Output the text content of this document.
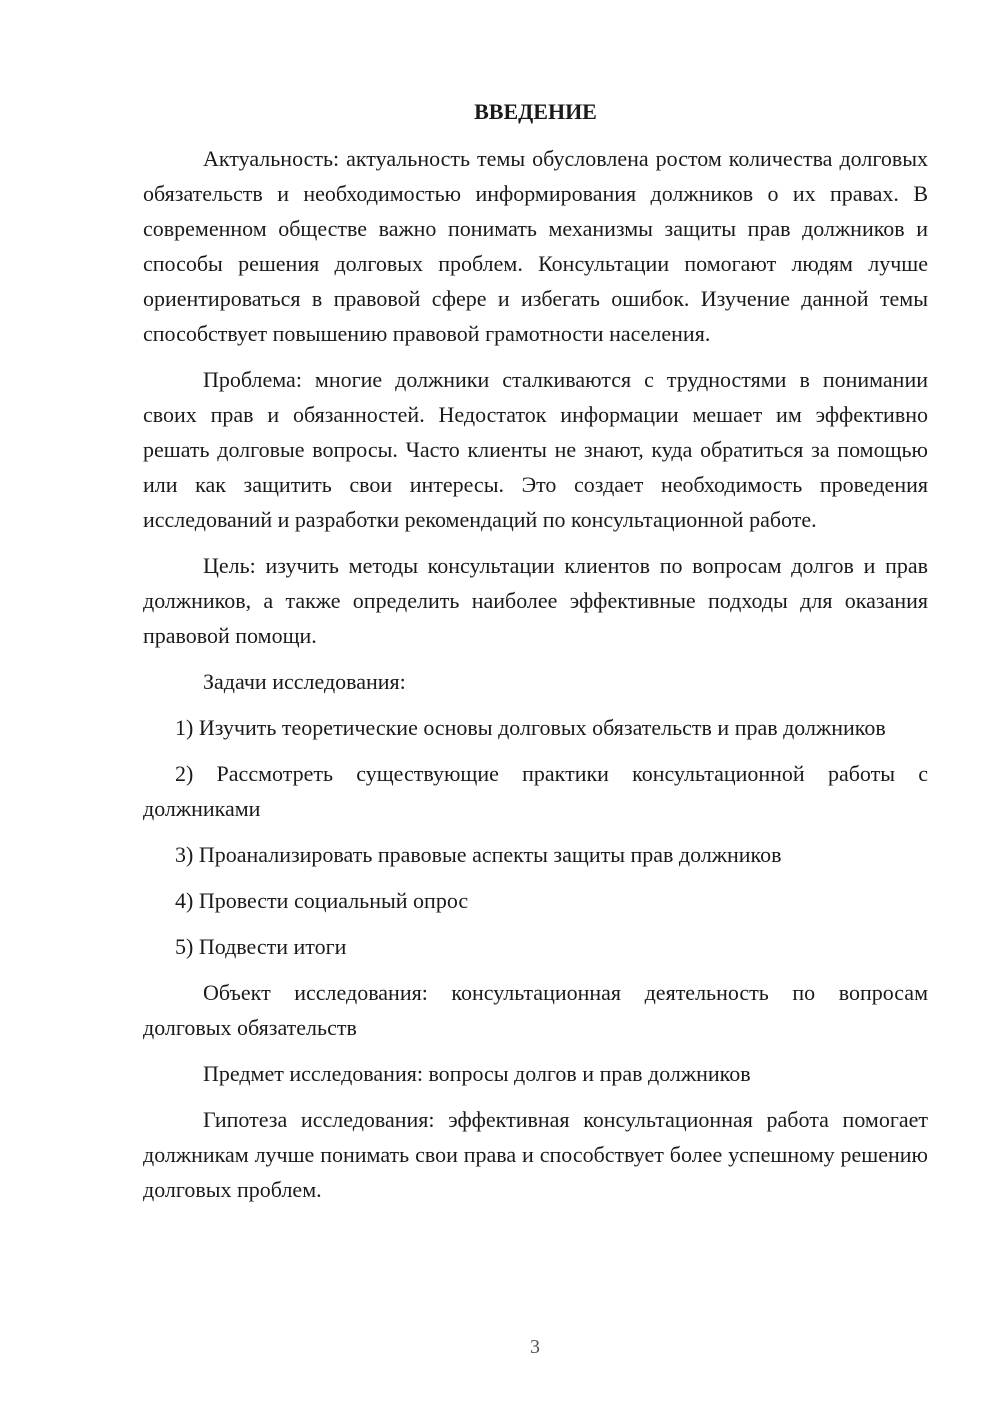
ВВЕДЕНИЕ

Актуальность: актуальность темы обусловлена ростом количества долговых обязательств и необходимостью информирования должников о их правах. В современном обществе важно понимать механизмы защиты прав должников и способы решения долговых проблем. Консультации помогают людям лучше ориентироваться в правовой сфере и избегать ошибок. Изучение данной темы способствует повышению правовой грамотности населения.

Проблема: многие должники сталкиваются с трудностями в понимании своих прав и обязанностей. Недостаток информации мешает им эффективно решать долговые вопросы. Часто клиенты не знают, куда обратиться за помощью или как защитить свои интересы. Это создает необходимость проведения исследований и разработки рекомендаций по консультационной работе.

Цель: изучить методы консультации клиентов по вопросам долгов и прав должников, а также определить наиболее эффективные подходы для оказания правовой помощи.

Задачи исследования:

1) Изучить теоретические основы долговых обязательств и прав должников

2) Рассмотреть существующие практики консультационной работы с должниками

3) Проанализировать правовые аспекты защиты прав должников

4) Провести социальный опрос

5) Подвести итоги

Объект исследования: консультационная деятельность по вопросам долговых обязательств

Предмет исследования: вопросы долгов и прав должников

Гипотеза исследования: эффективная консультационная работа помогает должникам лучше понимать свои права и способствует более успешному решению долговых проблем.

3
